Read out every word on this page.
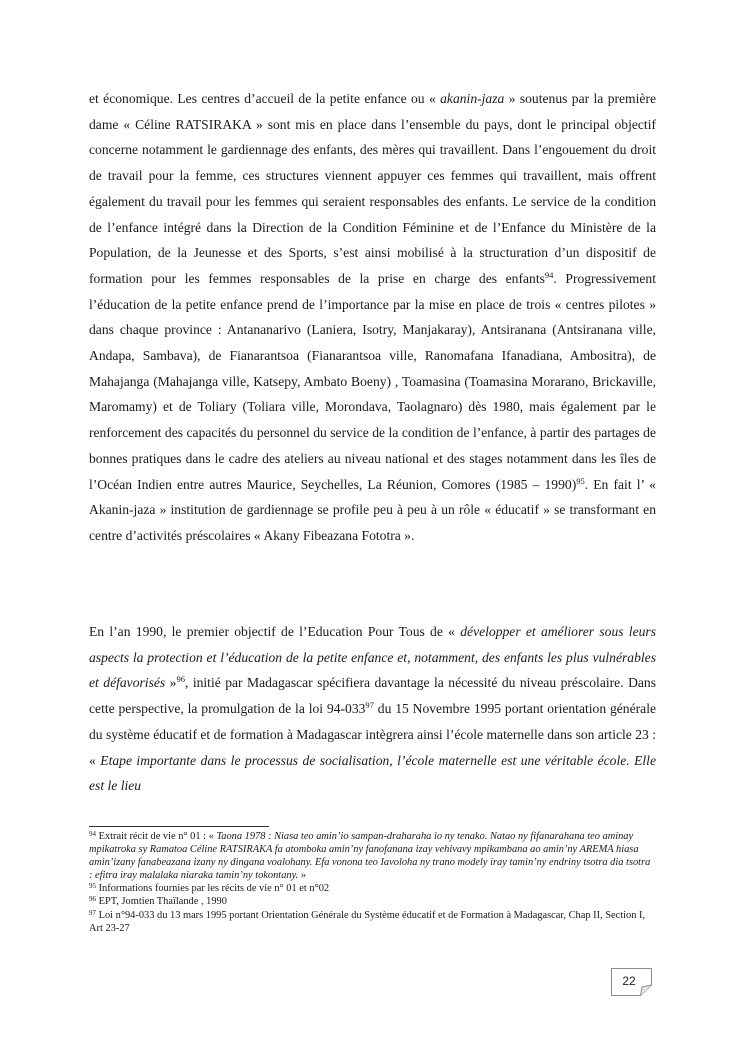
et économique. Les centres d’accueil de la petite enfance ou « akanin-jaza » soutenus par la première dame « Céline RATSIRAKA » sont mis en place dans l’ensemble du pays, dont le principal objectif concerne notamment le gardiennage des enfants, des mères qui travaillent. Dans l’engouement du droit de travail pour la femme, ces structures viennent appuyer ces femmes qui travaillent, mais offrent également du travail pour les femmes qui seraient responsables des enfants. Le service de la condition de l’enfance intégré dans la Direction de la Condition Féminine et de l’Enfance du Ministère de la Population, de la Jeunesse et des Sports, s’est ainsi mobilisé à la structuration d’un dispositif de formation pour les femmes responsables de la prise en charge des enfants$^{94}$. Progressivement l’éducation de la petite enfance prend de l’importance par la mise en place de trois « centres pilotes » dans chaque province : Antananarivo (Laniera, Isotry, Manjakaray), Antsiranana (Antsiranana ville, Andapa, Sambava), de Fianarantsoa (Fianarantsoa ville, Ranomafana Ifanadiana, Ambositra), de Mahajanga (Mahajanga ville, Katsepy, Ambato Boeny) , Toamasina (Toamasina Morarano, Brickaville, Maromamy) et de Toliary (Toliara ville, Morondava, Taolagnaro) dès 1980, mais également par le renforcement des capacités du personnel du service de la condition de l’enfance, à partir des partages de bonnes pratiques dans le cadre des ateliers au niveau national et des stages notamment dans les îles de l’Océan Indien entre autres Maurice, Seychelles, La Réunion, Comores (1985 – 1990)$^{95}$. En fait l’ « Akanin-jaza » institution de gardiennage se profile peu à peu à un rôle « éducatif » se transformant en centre d’activités préscolaires « Akany Fibeazana Fototra ».

En l’an 1990, le premier objectif de l’Education Pour Tous de « développer et améliorer sous leurs aspects la protection et l’éducation de la petite enfance et, notamment, des enfants les plus vulnérables et défavorisés »$^{96}$, initié par Madagascar spécifiera davantage la nécessité du niveau préscolaire. Dans cette perspective, la promulgation de la loi $94-033^{97}$ du 15 Novembre 1995 portant orientation générale du système éducatif et de formation à Madagascar intègrera ainsi l’école maternelle dans son article 23 : « Etape importante dans le processus de socialisation, l’école maternelle est une véritable école. Elle est le lieu

$^{94}$ Extrait récit de vie n° 01 : « Taona 1978 : Niasa teo amin’io sampan-draharaha io ny tenako. Natao ny fifanarahana teo aminay mpikatroka sy Ramatoa Céline RATSIRAKA fa atomboka amin’ny fanofanana izay vehivavy mpikambana ao amin’ny AREMA hiasa amin’izany fanabeazana izany ny dingana voalohany. Efa vonona teo Iavoloha ny trano modely iray tamin’ny endriny tsotra dia tsotra : efitra iray malalaka niaraka tamin’ny tokontany. »

$^{95}$ Informations fournies par les récits de vie n° 01 et n°02

$^{96}$ EPT, Jomtien Thaïlande , 1990

$^{97}$ Loi n°94-033 du 13 mars 1995 portant Orientation Générale du Système éducatif et de Formation à Madagascar, Chap II, Section I, Art 23-27

22
